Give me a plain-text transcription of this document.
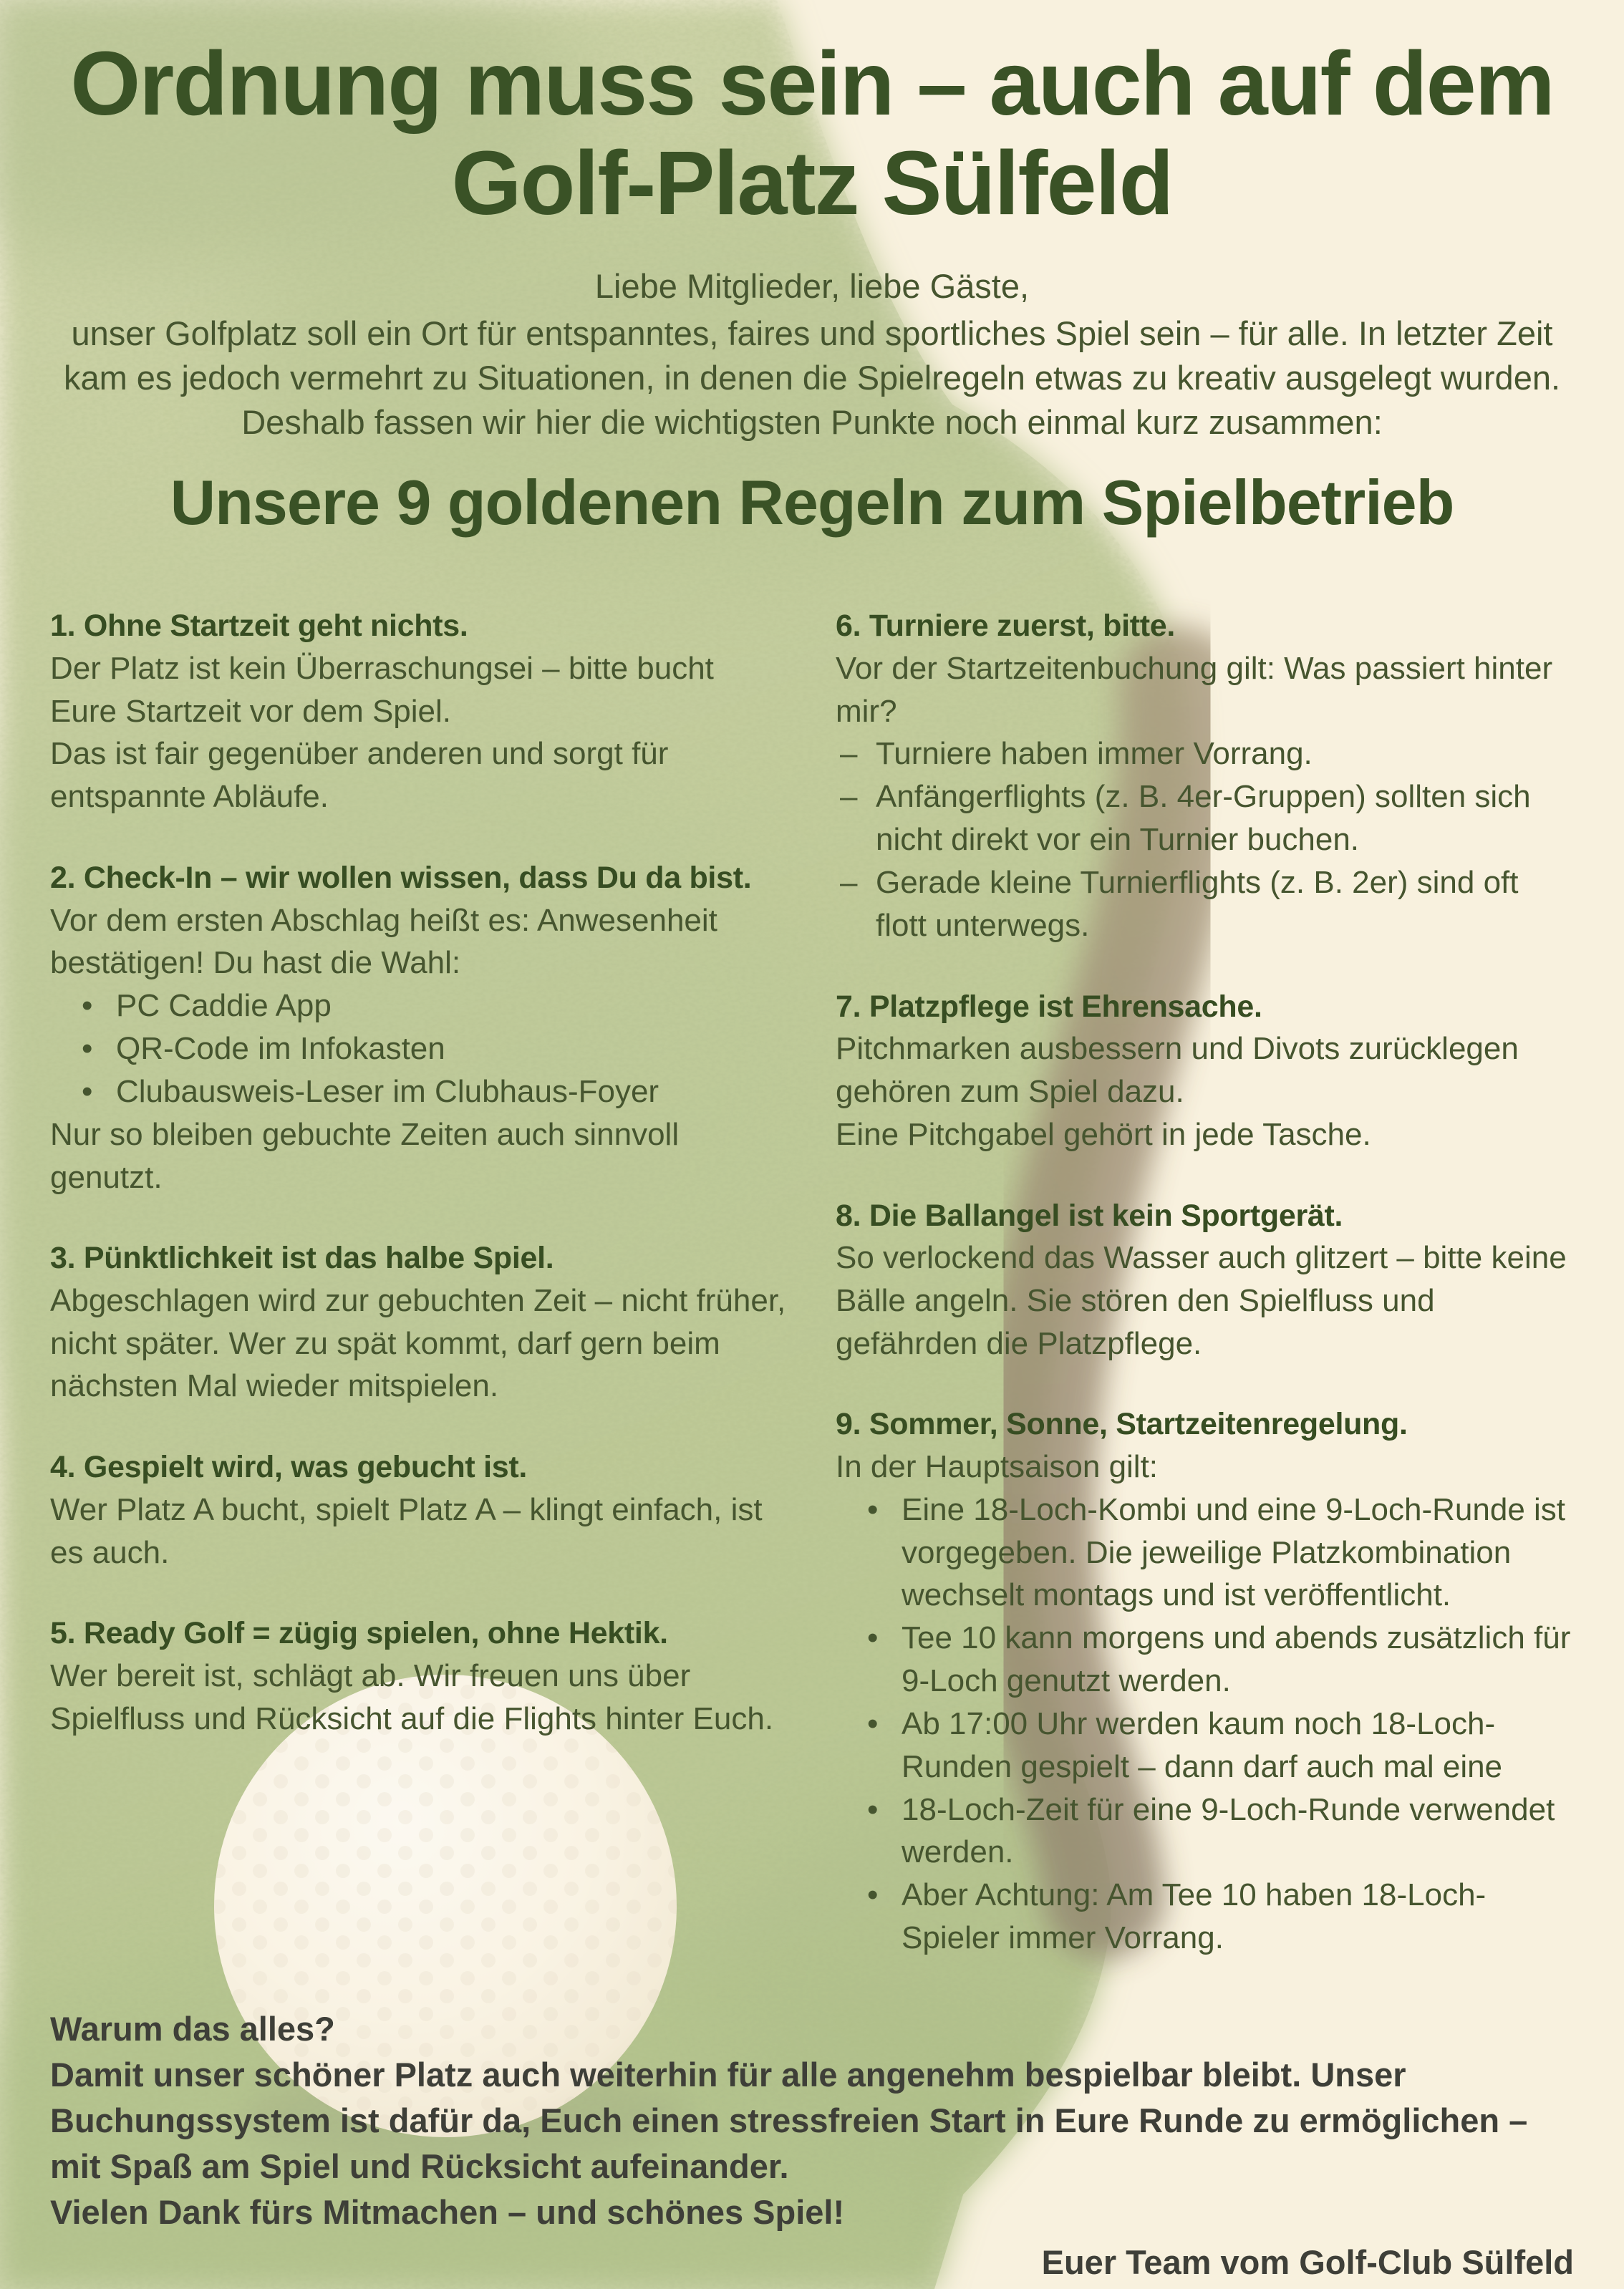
Ordnung muss sein – auch auf dem Golf-Platz Sülfeld
Liebe Mitglieder, liebe Gäste,
unser Golfplatz soll ein Ort für entspanntes, faires und sportliches Spiel sein – für alle. In letzter Zeit kam es jedoch vermehrt zu Situationen, in denen die Spielregeln etwas zu kreativ ausgelegt wurden. Deshalb fassen wir hier die wichtigsten Punkte noch einmal kurz zusammen:
Unsere 9 goldenen Regeln zum Spielbetrieb
1. Ohne Startzeit geht nichts.

Der Platz ist kein Überraschungsei – bitte bucht Eure Startzeit vor dem Spiel.

Das ist fair gegenüber anderen und sorgt für entspannte Abläufe.

2. Check-In – wir wollen wissen, dass Du da bist.

Vor dem ersten Abschlag heißt es: Anwesenheit bestätigen! Du hast die Wahl:

• PC Caddie App
• QR-Code im Infokasten
• Clubausweis-Leser im Clubhaus-Foyer

Nur so bleiben gebuchte Zeiten auch sinnvoll genutzt.

3. Pünktlichkeit ist das halbe Spiel.

Abgeschlagen wird zur gebuchten Zeit – nicht früher, nicht später. Wer zu spät kommt, darf gern beim nächsten Mal wieder mitspielen.

4. Gespielt wird, was gebucht ist.

Wer Platz A bucht, spielt Platz A – klingt einfach, ist es auch.

5. Ready Golf = zügig spielen, ohne Hektik.

Wer bereit ist, schlägt ab. Wir freuen uns über Spielfluss und Rücksicht auf die Flights hinter Euch.

6. Turniere zuerst, bitte.

Vor der Startzeitenbuchung gilt: Was passiert hinter mir?

– Turniere haben immer Vorrang.
– Anfängerflights (z. B. 4er-Gruppen) sollten sich nicht direkt vor ein Turnier buchen.
– Gerade kleine Turnierflights (z. B. 2er) sind oft flott unterwegs.
7. Platzpflege ist Ehrensache.

Pitchmarken ausbessern und Divots zurücklegen gehören zum Spiel dazu.

Eine Pitchgabel gehört in jede Tasche.

8. Die Ballangel ist kein Sportgerät.

So verlockend das Wasser auch glitzert – bitte keine Bälle angeln. Sie stören den Spielfluss und gefährden die Platzpflege.

9. Sommer, Sonne, Startzeitenregelung.

In der Hauptsaison gilt:

• Eine 18-Loch-Kombi und eine 9-Loch-Runde ist vorgegeben. Die jeweilige Platzkombination wechselt montags und ist veröffentlicht.
• Tee 10 kann morgens und abends zusätzlich für 9-Loch genutzt werden.
• Ab 17:00 Uhr werden kaum noch 18-Loch-Runden gespielt – dann darf auch mal eine
• 18-Loch-Zeit für eine 9-Loch-Runde verwendet werden.
• Aber Achtung: Am Tee 10 haben 18-Loch-Spieler immer Vorrang.
Warum das alles?
Damit unser schöner Platz auch weiterhin für alle angenehm bespielbar bleibt. Unser Buchungssystem ist dafür da, Euch einen stressfreien Start in Eure Runde zu ermöglichen – mit Spaß am Spiel und Rücksicht aufeinander.
Vielen Dank fürs Mitmachen – und schönes Spiel!
Euer Team vom Golf-Club Sülfeld
